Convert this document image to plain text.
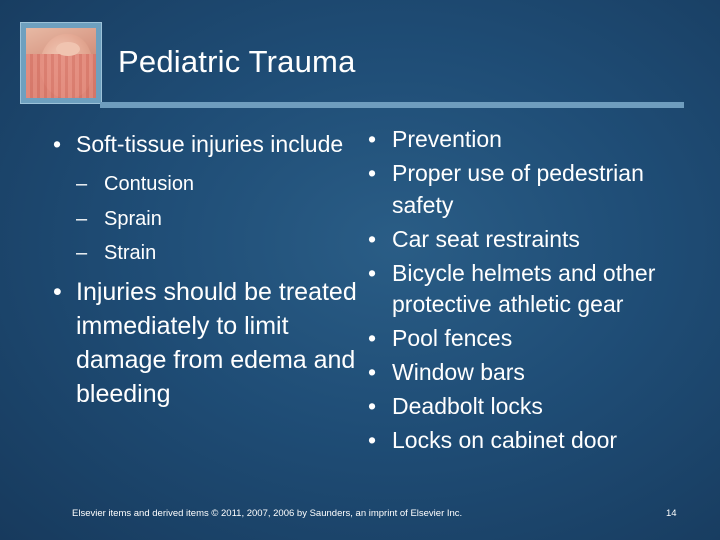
Pediatric Trauma
• Soft-tissue injuries include
– Contusion
– Sprain
– Strain
• Injuries should be treated immediately to limit damage from edema and bleeding
• Prevention
• Proper use of pedestrian safety
• Car seat restraints
• Bicycle helmets and other protective athletic gear
• Pool fences
• Window bars
• Deadbolt locks
• Locks on cabinet door
Elsevier items and derived items © 2011, 2007, 2006 by Saunders, an imprint of Elsevier Inc.	14
